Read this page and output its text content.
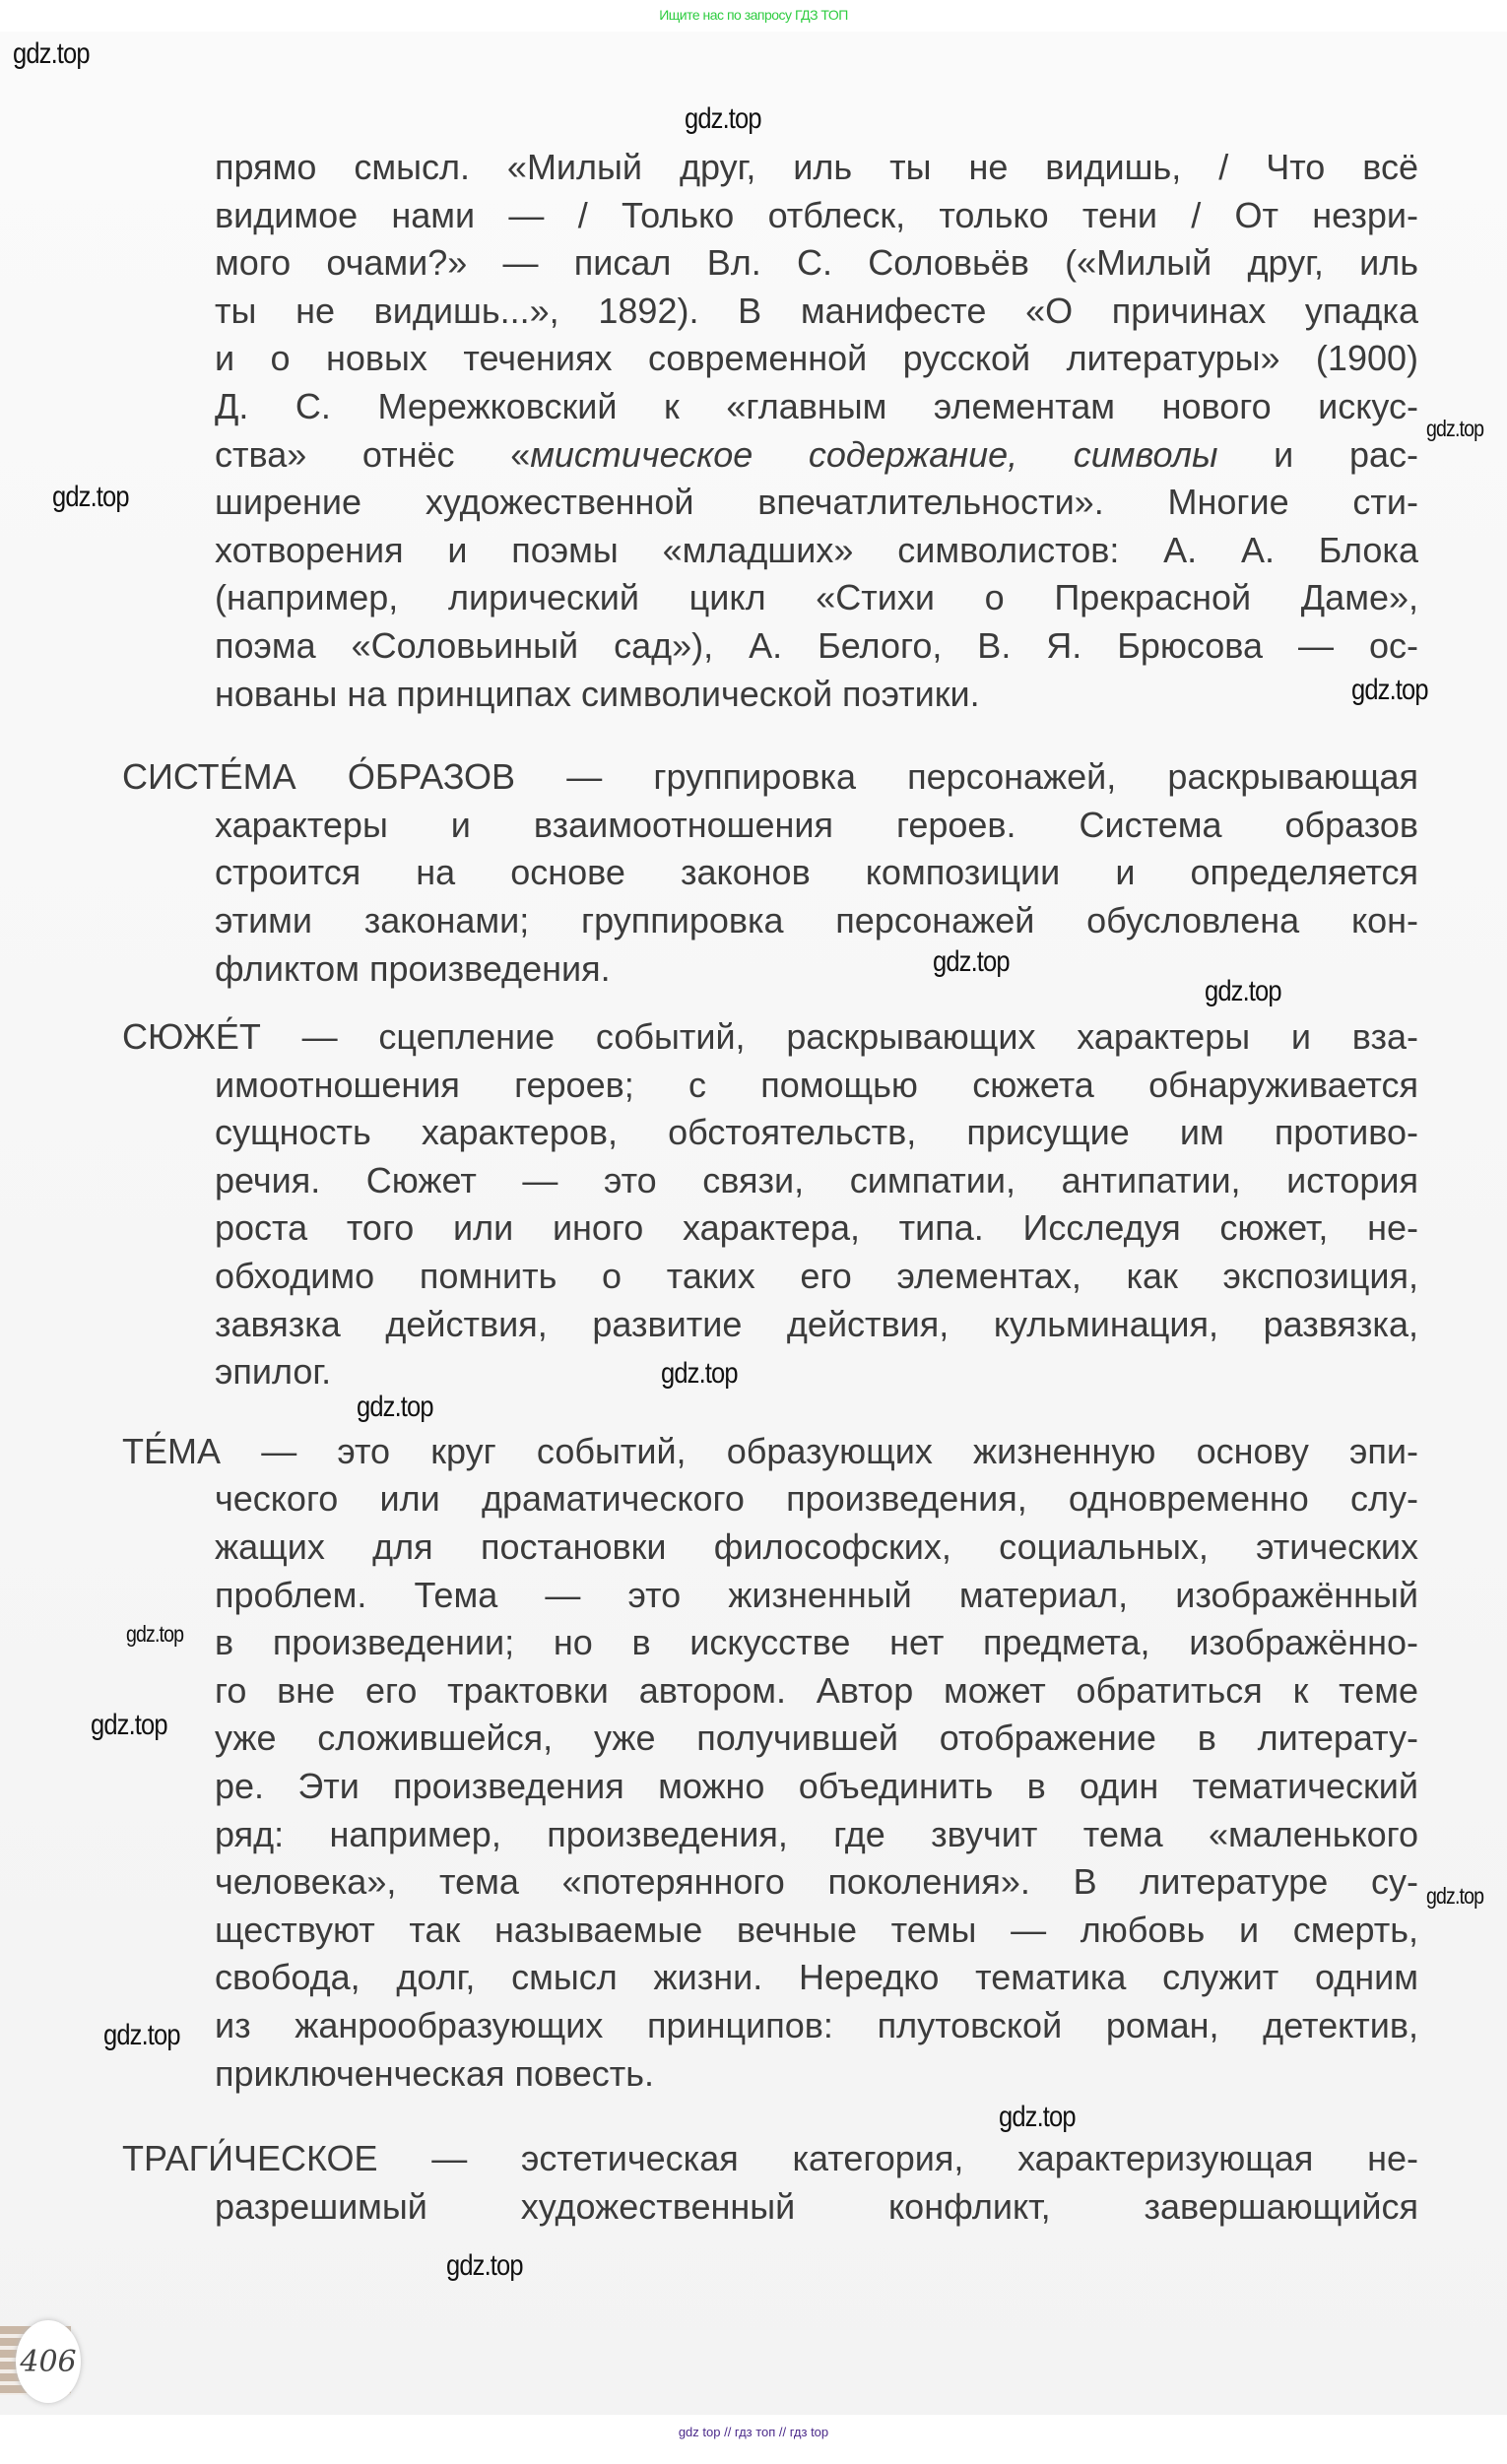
Ищите нас по запросу ГДЗ ТОП
прямо смысл. «Милый друг, иль ты не видишь, / Что всё
видимое нами — / Только отблеск, только тени / От незри-
мого очами?» — писал Вл. С. Соловьёв («Милый друг, иль
ты не видишь...», 1892). В манифесте «О причинах упадка
и о новых течениях современной русской литературы» (1900)
Д. С. Мережковский к «главным элементам нового искус-
ства» отнёс «мистическое содержание, символы и рас-
ширение художественной впечатлительности». Многие сти-
хотворения и поэмы «младших» символистов: А. А. Блока
(например, лирический цикл «Стихи о Прекрасной Даме»,
поэма «Соловьиный сад»), А. Белого, В. Я. Брюсова — ос-
нованы на принципах символической поэтики.
СИСТЕ́МА О́БРАЗОВ — группировка персонажей, раскрывающая
характеры и взаимоотношения героев. Система образов
строится на основе законов композиции и определяется
этими законами; группировка персонажей обусловлена кон-
фликтом произведения.
СЮЖЕ́Т — сцепление событий, раскрывающих характеры и вза-
имоотношения героев; с помощью сюжета обнаруживается
сущность характеров, обстоятельств, присущие им противо-
речия. Сюжет — это связи, симпатии, антипатии, история
роста того или иного характера, типа. Исследуя сюжет, не-
обходимо помнить о таких его элементах, как экспозиция,
завязка действия, развитие действия, кульминация, развязка,
эпилог.
ТЕ́МА — это круг событий, образующих жизненную основу эпи-
ческого или драматического произведения, одновременно слу-
жащих для постановки философских, социальных, этических
проблем. Тема — это жизненный материал, изображённый
в произведении; но в искусстве нет предмета, изображённо-
го вне его трактовки автором. Автор может обратиться к теме
уже сложившейся, уже получившей отображение в литерату-
ре. Эти произведения можно объединить в один тематический
ряд: например, произведения, где звучит тема «маленького
человека», тема «потерянного поколения». В литературе су-
ществуют так называемые вечные темы — любовь и смерть,
свобода, долг, смысл жизни. Нередко тематика служит одним
из жанрообразующих принципов: плутовской роман, детектив,
приключенческая повесть.
ТРАГИ́ЧЕСКОЕ — эстетическая категория, характеризующая не-
разрешимый художественный конфликт, завершающийся
gdz.top
gdz.top
gdz.top
gdz.top
gdz.top
gdz.top
gdz.top
gdz.top
gdz.top
gdz.top
gdz.top
gdz.top
gdz.top
gdz.top
gdz.top
406
gdz top // гдз топ // гдз top
